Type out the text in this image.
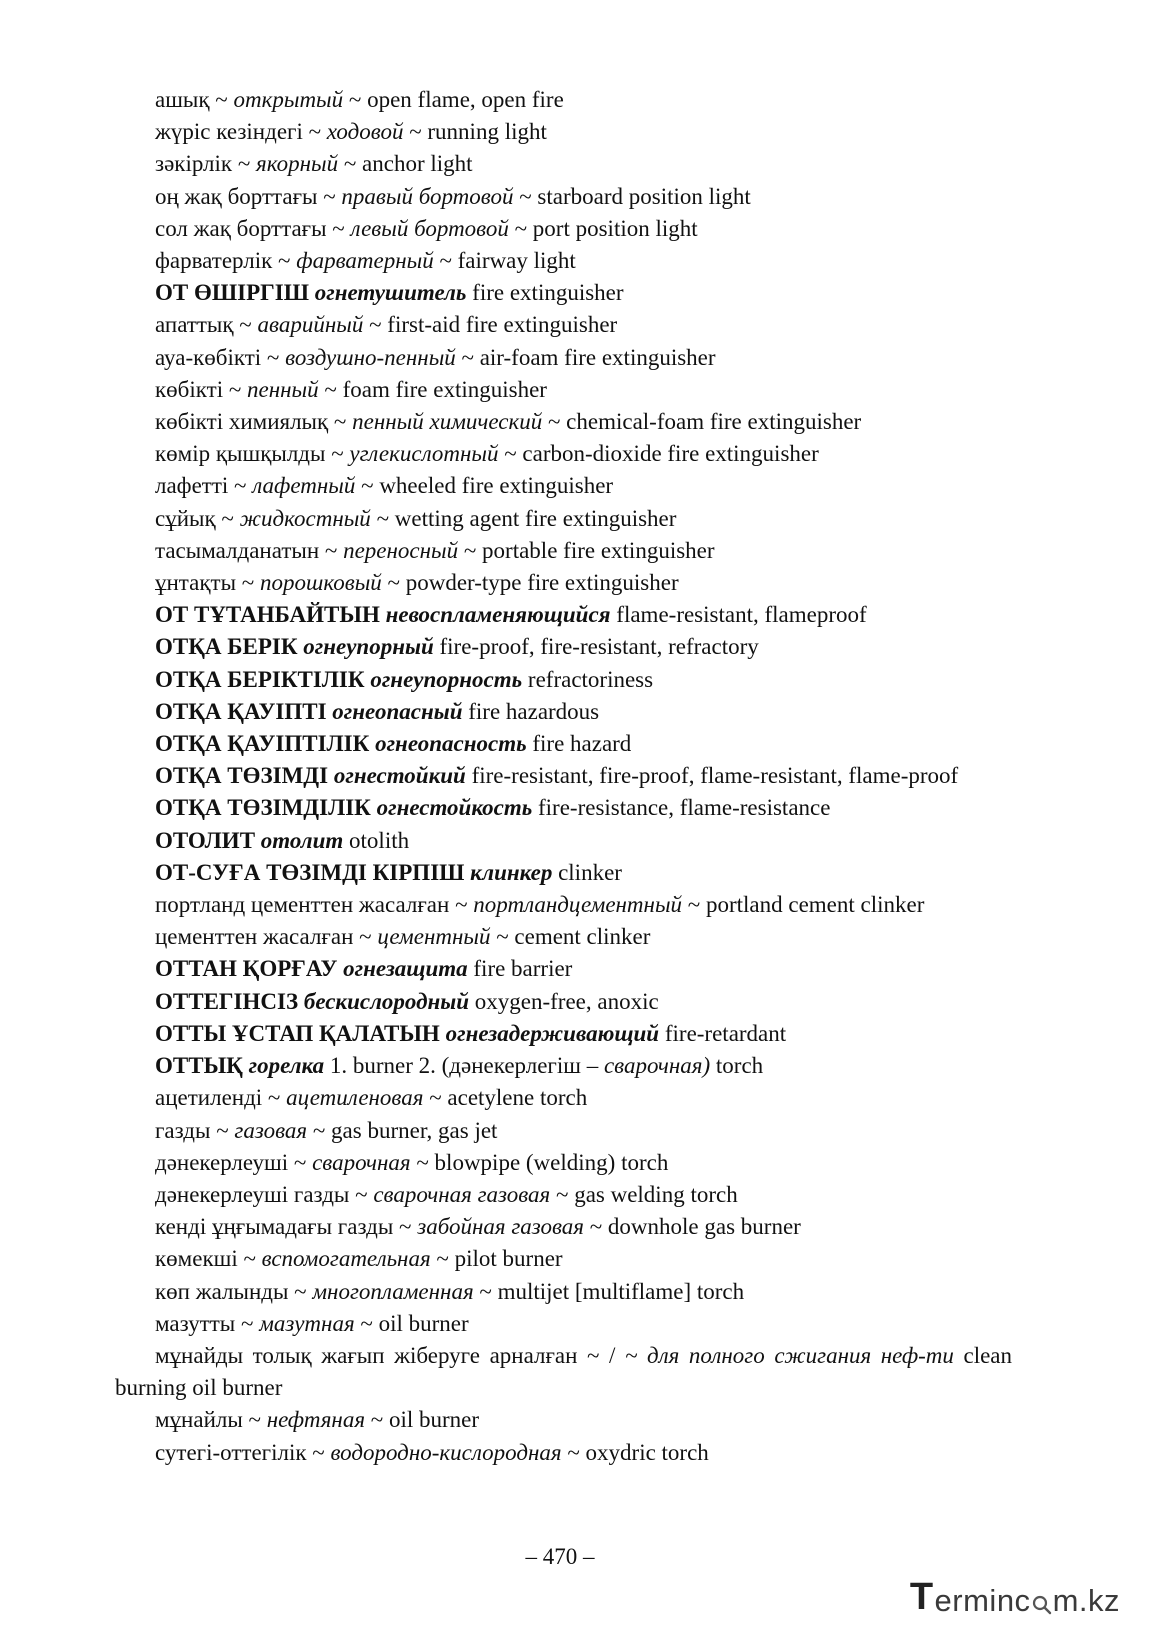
ашық ~ открытый ~ open flame, open fire

жүріс кезіндегі ~ ходовой ~ running light

зәкірлік ~ якорный ~ anchor light

оң жақ борттағы ~ правый бортовой ~ starboard position light

сол жақ борттағы ~ левый бортовой ~ port position light

фарватерлік ~ фарватерный ~ fairway light

ОТ ӨШІРГІШ огнетушитель fire extinguisher

апаттық ~ аварийный ~ first-aid fire extinguisher

ауа-көбікті ~ воздушно-пенный ~ air-foam fire extinguisher

көбікті ~ пенный ~ foam fire extinguisher

көбікті химиялық ~ пенный химический ~ chemical-foam fire extinguisher

көмір қышқылды ~ углекислотный ~ carbon-dioxide fire extinguisher

лафетті ~ лафетный ~ wheeled fire extinguisher

сұйық ~ жидкостный ~ wetting agent fire extinguisher

тасымалданатын ~ переносный ~ portable fire extinguisher

ұнтақты ~ порошковый ~ powder-type fire extinguisher

ОТ ТҰТАНБАЙТЫН невоспламеняющийся flame-resistant, flameproof

ОТҚА БЕРІК огнеупорный fire-proof, fire-resistant, refractory

ОТҚА БЕРІКТІЛІК огнеупорность refractoriness

ОТҚА ҚАУІПТІ огнеопасный fire hazardous

ОТҚА ҚАУІПТІЛІК огнеопасность fire hazard

ОТҚА ТӨЗІМДІ огнестойкий fire-resistant, fire-proof, flame-resistant, flame-proof

ОТҚА ТӨЗІМДІЛІК огнестойкость fire-resistance, flame-resistance

ОТОЛИТ отолит otolith

ОТ-СУҒА ТӨЗІМДІ КІРПІШ клинкер clinker

портланд цементтен жасалған ~ портландцементный ~ portland cement clinker

цементтен жасалған ~ цементный ~ cement clinker

ОТТАН ҚОРҒАУ огнезащита fire barrier

ОТТЕГІНСІЗ бескислородный oxygen-free, anoxic

ОТТЫ ҰСТАП ҚАЛАТЫН огнезадерживающий fire-retardant

ОТТЫҚ горелка 1. burner 2. (дәнекерлегіш – сварочная) torch

ацетиленді ~ ацетиленовая ~ acetylene torch

газды ~ газовая ~ gas burner, gas jet

дәнекерлеуші ~ сварочная ~ blowpipe (welding) torch

дәнекерлеуші газды ~ сварочная газовая ~ gas welding torch

кенді ұңғымадағы газды ~ забойная газовая ~ downhole gas burner

көмекші ~ вспомогательная ~ pilot burner

көп жалынды ~ многопламенная ~ multijet [multiflame] torch

мазутты ~ мазутная ~ oil burner

мұнайды толық жағып жіберуге арналған ~ / ~ для полного сжигания неф-ти clean burning oil burner

мұнайлы ~ нефтяная ~ oil burner

сутегі-оттегілік ~ водородно-кислородная ~ oxydric torch

– 470 –
T erminc m.kz
